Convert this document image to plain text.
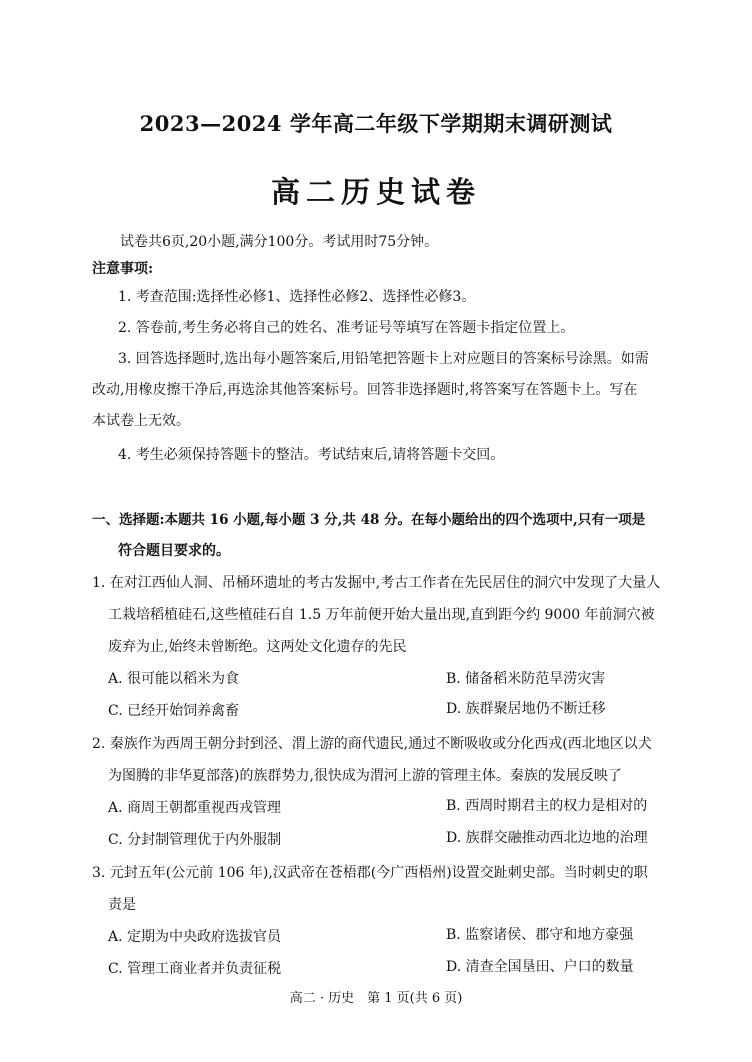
2023—2024 学年高二年级下学期期末调研测试
高二历史试卷
试卷共6页,20小题,满分100分。考试用时75分钟。
注意事项:
1. 考查范围:选择性必修1、选择性必修2、选择性必修3。
2. 答卷前,考生务必将自己的姓名、准考证号等填写在答题卡指定位置上。
3. 回答选择题时,选出每小题答案后,用铅笔把答题卡上对应题目的答案标号涂黑。如需
改动,用橡皮擦干净后,再选涂其他答案标号。回答非选择题时,将答案写在答题卡上。写在
本试卷上无效。
4. 考生必须保持答题卡的整洁。考试结束后,请将答题卡交回。
一、选择题:本题共 16 小题,每小题 3 分,共 48 分。在每小题给出的四个选项中,只有一项是
符合题目要求的。
1. 在对江西仙人洞、吊桶环遗址的考古发掘中,考古工作者在先民居住的洞穴中发现了大量人
工栽培稻植硅石,这些植硅石自 1.5 万年前便开始大量出现,直到距今约 9000 年前洞穴被
废弃为止,始终未曾断绝。这两处文化遗存的先民
A. 很可能以稻米为食	B. 储备稻米防范旱涝灾害
C. 已经开始饲养禽畜	D. 族群聚居地仍不断迁移
2. 秦族作为西周王朝分封到泾、渭上游的商代遗民,通过不断吸收或分化西戎(西北地区以犬
为图腾的非华夏部落)的族群势力,很快成为渭河上游的管理主体。秦族的发展反映了
A. 商周王朝都重视西戎管理	B. 西周时期君主的权力是相对的
C. 分封制管理优于内外服制	D. 族群交融推动西北边地的治理
3. 元封五年(公元前 106 年),汉武帝在苍梧郡(今广西梧州)设置交趾刺史部。当时刺史的职
责是
A. 定期为中央政府选拔官员	B. 监察诸侯、郡守和地方豪强
C. 管理工商业者并负责征税	D. 清查全国垦田、户口的数量
高二 · 历史　第 1 页(共 6 页)
